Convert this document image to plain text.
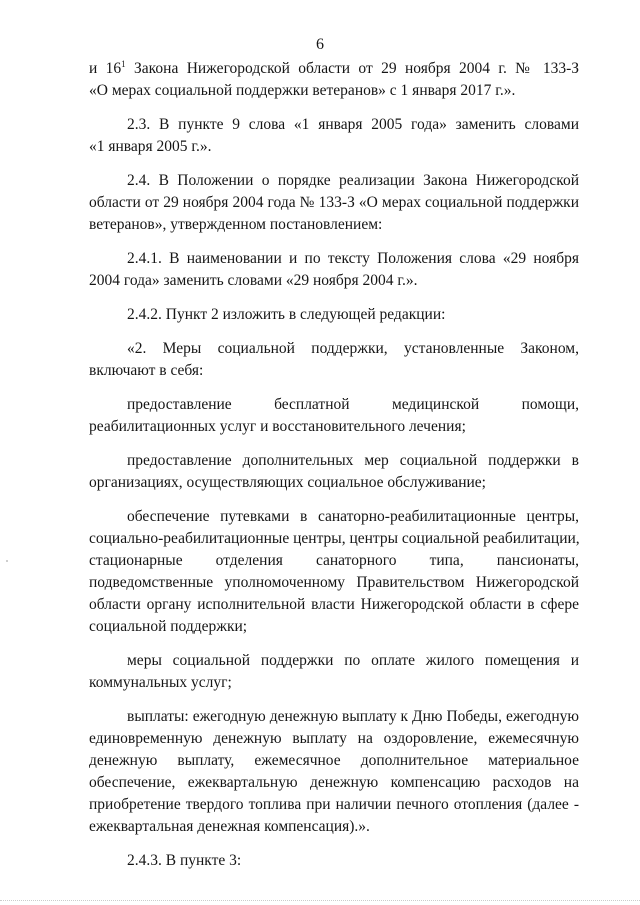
6
и $16^1$ Закона Нижегородской области от 29 ноября 2004 г. № 133-З
«О мерах социальной поддержки ветеранов» с 1 января 2017 г.».
2.3. В пункте 9 слова «1 января 2005 года» заменить словами
«1 января 2005 г.».
2.4. В Положении о порядке реализации Закона Нижегородской
области от 29 ноября 2004 года № 133-З «О мерах социальной поддержки
ветеранов», утвержденном постановлением:
2.4.1. В наименовании и по тексту Положения слова «29 ноября
2004 года» заменить словами «29 ноября 2004 г.».
2.4.2. Пункт 2 изложить в следующей редакции:
«2. Меры социальной поддержки, установленные Законом,
включают в себя:
предоставление бесплатной медицинской помощи,
реабилитационных услуг и восстановительного лечения;
предоставление дополнительных мер социальной поддержки в
организациях, осуществляющих социальное обслуживание;
обеспечение путевками в санаторно-реабилитационные центры,
социально-реабилитационные центры, центры социальной реабилитации,
стационарные отделения санаторного типа, пансионаты,
подведомственные уполномоченному Правительством Нижегородской
области органу исполнительной власти Нижегородской области в сфере
социальной поддержки;
меры социальной поддержки по оплате жилого помещения и
коммунальных услуг;
выплаты: ежегодную денежную выплату к Дню Победы, ежегодную
единовременную денежную выплату на оздоровление, ежемесячную
денежную выплату, ежемесячное дополнительное материальное
обеспечение, ежеквартальную денежную компенсацию расходов на
приобретение твердого топлива при наличии печного отопления (далее -
ежеквартальная денежная компенсация).».
2.4.3. В пункте 3:
